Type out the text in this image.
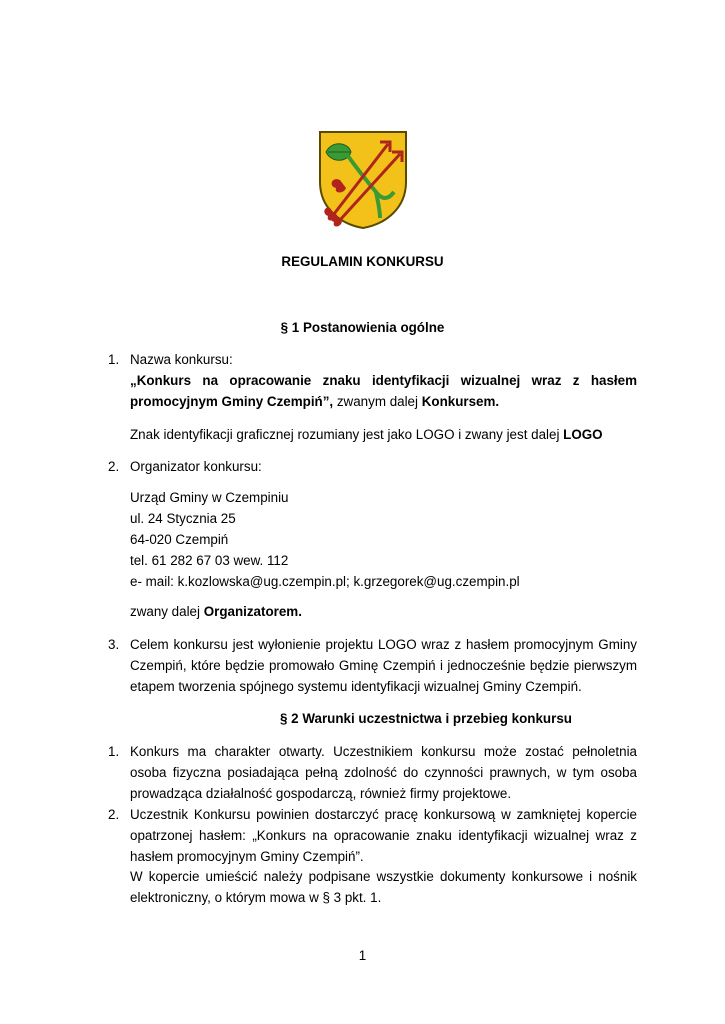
REGULAMIN KONKURSU
§ 1 Postanowienia ogólne
1. Nazwa konkursu:
„Konkurs na opracowanie znaku identyfikacji wizualnej wraz z hasłem promocyjnym Gminy Czempiń”, zwanym dalej Konkursem.
Znak identyfikacji graficznej rozumiany jest jako LOGO i zwany jest dalej LOGO
2. Organizator konkursu:
Urząd Gminy w Czempiniu
ul. 24 Stycznia 25
64-020 Czempiń
tel. 61 282 67 03 wew. 112
e- mail: k.kozlowska@ug.czempin.pl; k.grzegorek@ug.czempin.pl
zwany dalej Organizatorem.
3. Celem konkursu jest wyłonienie projektu LOGO wraz z hasłem promocyjnym Gminy Czempiń, które będzie promowało Gminę Czempiń i jednocześnie będzie pierwszym etapem tworzenia spójnego systemu identyfikacji wizualnej Gminy Czempiń.
§ 2 Warunki uczestnictwa i przebieg konkursu
1. Konkurs ma charakter otwarty. Uczestnikiem konkursu może zostać pełnoletnia osoba fizyczna posiadająca pełną zdolność do czynności prawnych, w tym osoba prowadząca działalność gospodarczą, również firmy projektowe.
2. Uczestnik Konkursu powinien dostarczyć pracę konkursową w zamkniętej kopercie opatrzonej hasłem: „Konkurs na opracowanie znaku identyfikacji wizualnej wraz z hasłem promocyjnym Gminy Czempiń”.
W kopercie umieścić należy podpisane wszystkie dokumenty konkursowe i nośnik elektroniczny, o którym mowa w § 3 pkt. 1.
1
